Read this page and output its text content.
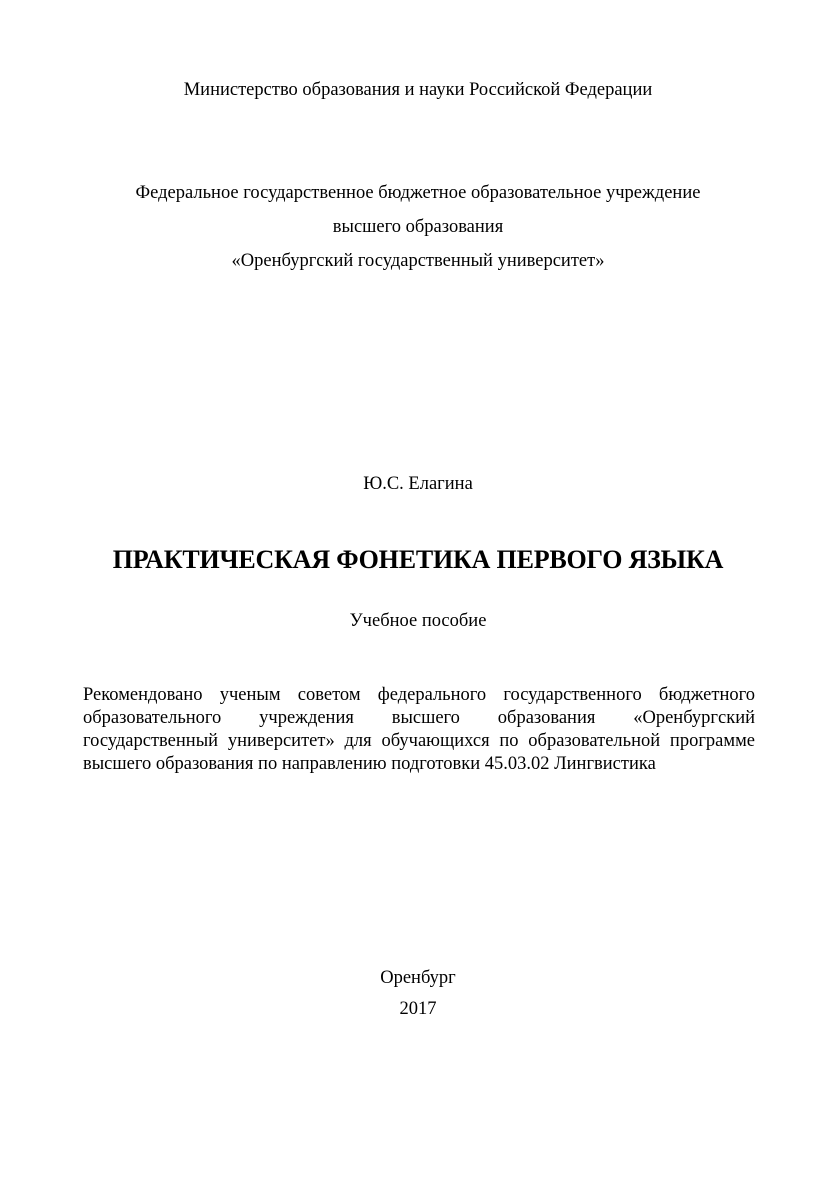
Министерство образования и науки Российской Федерации
Федеральное государственное бюджетное образовательное учреждение
высшего образования
«Оренбургский государственный университет»
Ю.С. Елагина
ПРАКТИЧЕСКАЯ ФОНЕТИКА ПЕРВОГО ЯЗЫКА
Учебное пособие
Рекомендовано ученым советом федерального государственного бюджетного образовательного учреждения высшего образования «Оренбургский государственный университет» для обучающихся по образовательной программе высшего образования по направлению подготовки 45.03.02 Лингвистика
Оренбург
2017
